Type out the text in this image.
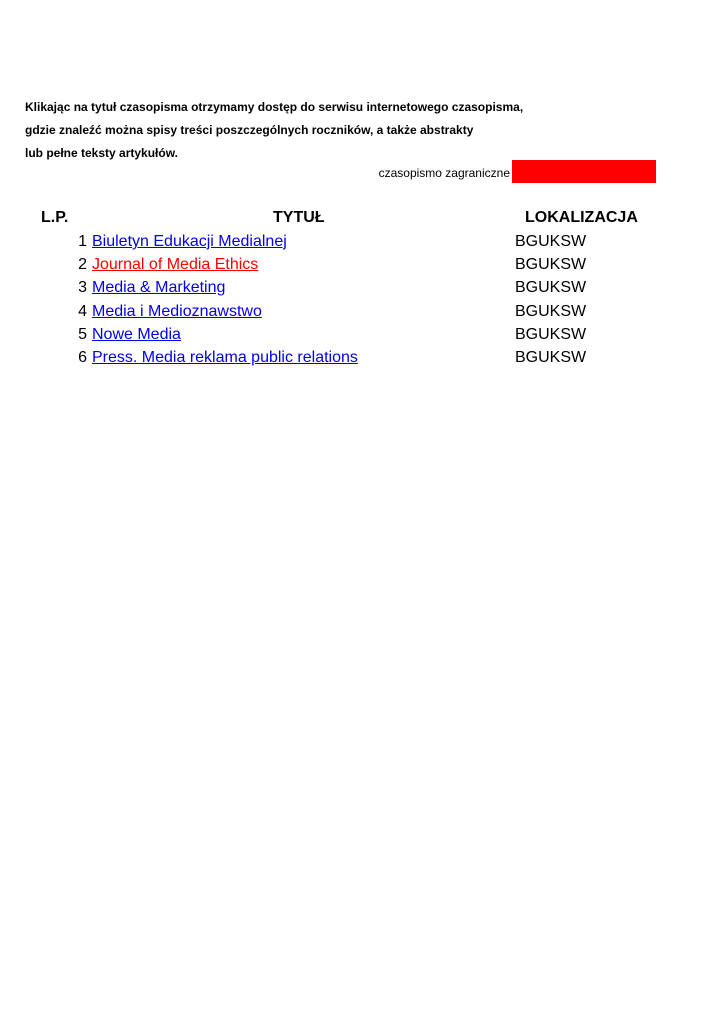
Klikając na tytuł czasopisma otrzymamy dostęp do serwisu internetowego czasopisma,
gdzie znaleźć można spisy treści poszczególnych roczników, a także abstrakty
lub pełne teksty artykułów.
czasopismo zagraniczne
L.P.	TYTUŁ	LOKALIZACJA
1 Biuletyn Edukacji Medialnej	BGUKSW
2 Journal of Media Ethics	BGUKSW
3 Media & Marketing	BGUKSW
4 Media i Medioznawstwo	BGUKSW
5 Nowe Media	BGUKSW
6 Press. Media reklama public relations	BGUKSW
